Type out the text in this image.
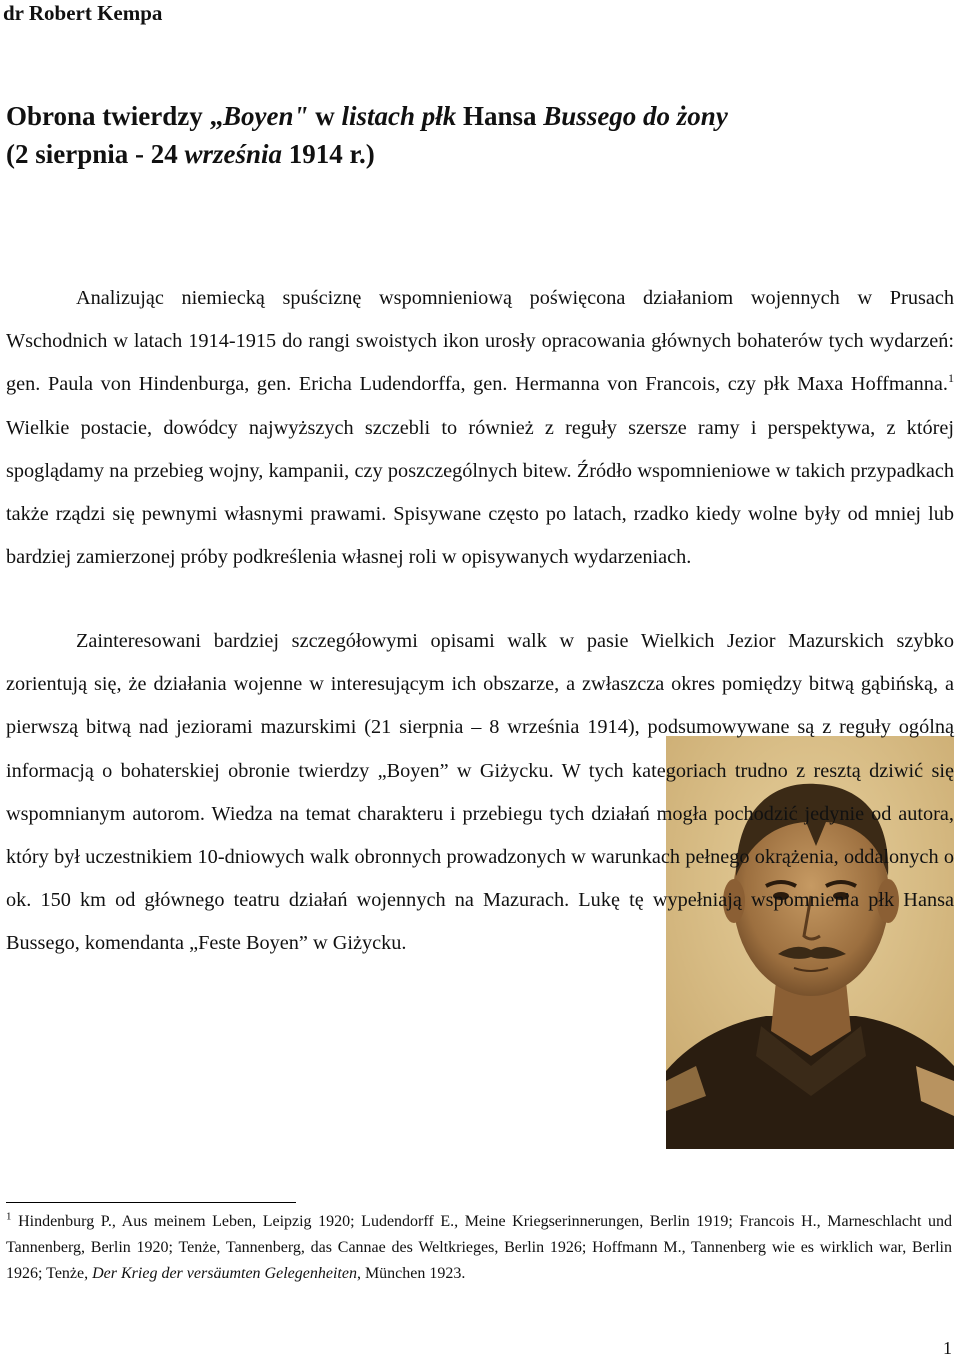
dr Robert Kempa
Obrona twierdzy „Boyen" w listach płk Hansa Bussego do żony
(2 sierpnia - 24 września 1914 r.)

Analizując niemiecką spuściznę wspomnieniową poświęcona działaniom wojennych w Prusach Wschodnich w latach 1914-1915 do rangi swoistych ikon urosły opracowania głównych bohaterów tych wydarzeń: gen. Paula von Hindenburga, gen. Ericha Ludendorffa, gen. Hermanna von Francois, czy płk Maxa Hoffmanna.$^1$ Wielkie postacie, dowódcy najwyższych szczebli to również z reguły szersze ramy i perspektywa, z której spoglądamy na przebieg wojny, kampanii, czy poszczególnych bitew. Źródło wspomnieniowe w takich przypadkach także rządzi się pewnymi własnymi prawami. Spisywane często po latach, rzadko kiedy wolne były od mniej lub bardziej zamierzonej próby podkreślenia własnej roli w opisywanych wydarzeniach.

Zainteresowani bardziej szczegółowymi opisami walk w pasie Wielkich Jezior Mazurskich szybko zorientują się, że działania wojenne w interesującym ich obszarze, a zwłaszcza okres pomiędzy bitwą gąbińską, a pierwszą bitwą nad jeziorami mazurskimi (21 sierpnia – 8 września 1914), podsumowywane są z reguły ogólną informacją o bohaterskiej obronie twierdzy „Boyen” w Giżycku. W tych kategoriach trudno z resztą dziwić się wspomnianym autorom. Wiedza na temat charakteru i przebiegu tych działań mogła pochodzić jedynie od autora, który był uczestnikiem 10-dniowych walk obronnych prowadzonych w warunkach pełnego okrążenia, oddalonych o ok. 150 km od głównego teatru działań wojennych na Mazurach. Lukę tę wypełniają wspomnienia płk Hansa Bussego, komendanta „Feste Boyen” w Giżycku.

$^1$ Hindenburg P., Aus meinem Leben, Leipzig 1920; Ludendorff E., Meine Kriegserinnerungen, Berlin 1919; Francois H., Marneschlacht und Tannenberg, Berlin 1920; Tenże, Tannenberg, das Cannae des Weltkrieges, Berlin 1926; Hoffmann M., Tannenberg wie es wirklich war, Berlin 1926; Tenże, Der Krieg der versäumten Gelegenheiten, München 1923.

1
